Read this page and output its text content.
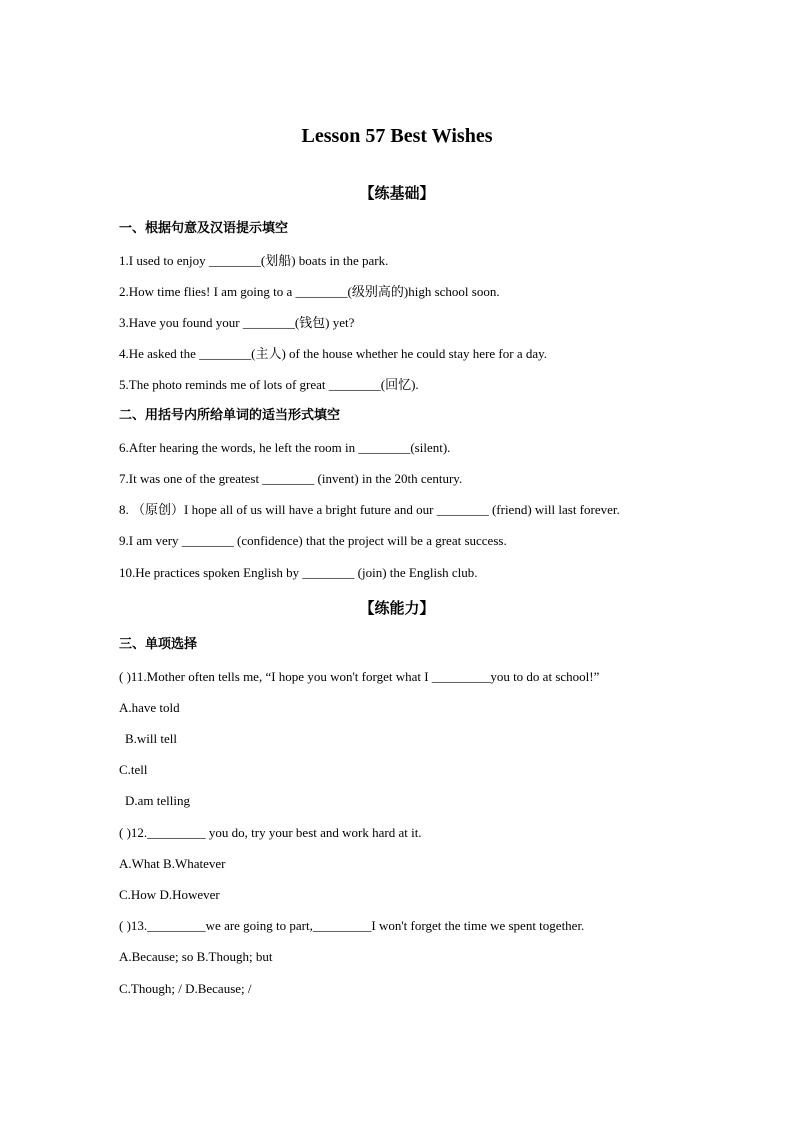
Lesson 57 Best Wishes
【练基础】
一、根据句意及汉语提示填空

1.I used to enjoy ________(划船) boats in the park.

2.How time flies! I am going to a ________(级别高的)high school soon.

3.Have you found your ________(钱包) yet?

4.He asked the ________(主人) of the house whether he could stay here for a day.

5.The photo reminds me of lots of great ________(回忆).

二、用括号内所给单词的适当形式填空

6.After hearing the words, he left the room in ________(silent).

7.It was one of the greatest ________ (invent) in the 20th century.

8. （原创）I hope all of us will have a bright future and our ________ (friend) will last forever.

9.I am very ________ (confidence) that the project will be a great success.

10.He practices spoken English by ________ (join) the English club.

【练能力】
三、单项选择

( )11.Mother often tells me, “I hope you won't forget what I _________you to do at school!”

A.have told

B.will tell

C.tell

D.am telling

( )12._________ you do, try your best and work hard at it.

A.What B.Whatever

C.How D.However

( )13._________we are going to part,_________I won't forget the time we spent together.

A.Because; so B.Though; but

C.Though; / D.Because; /
